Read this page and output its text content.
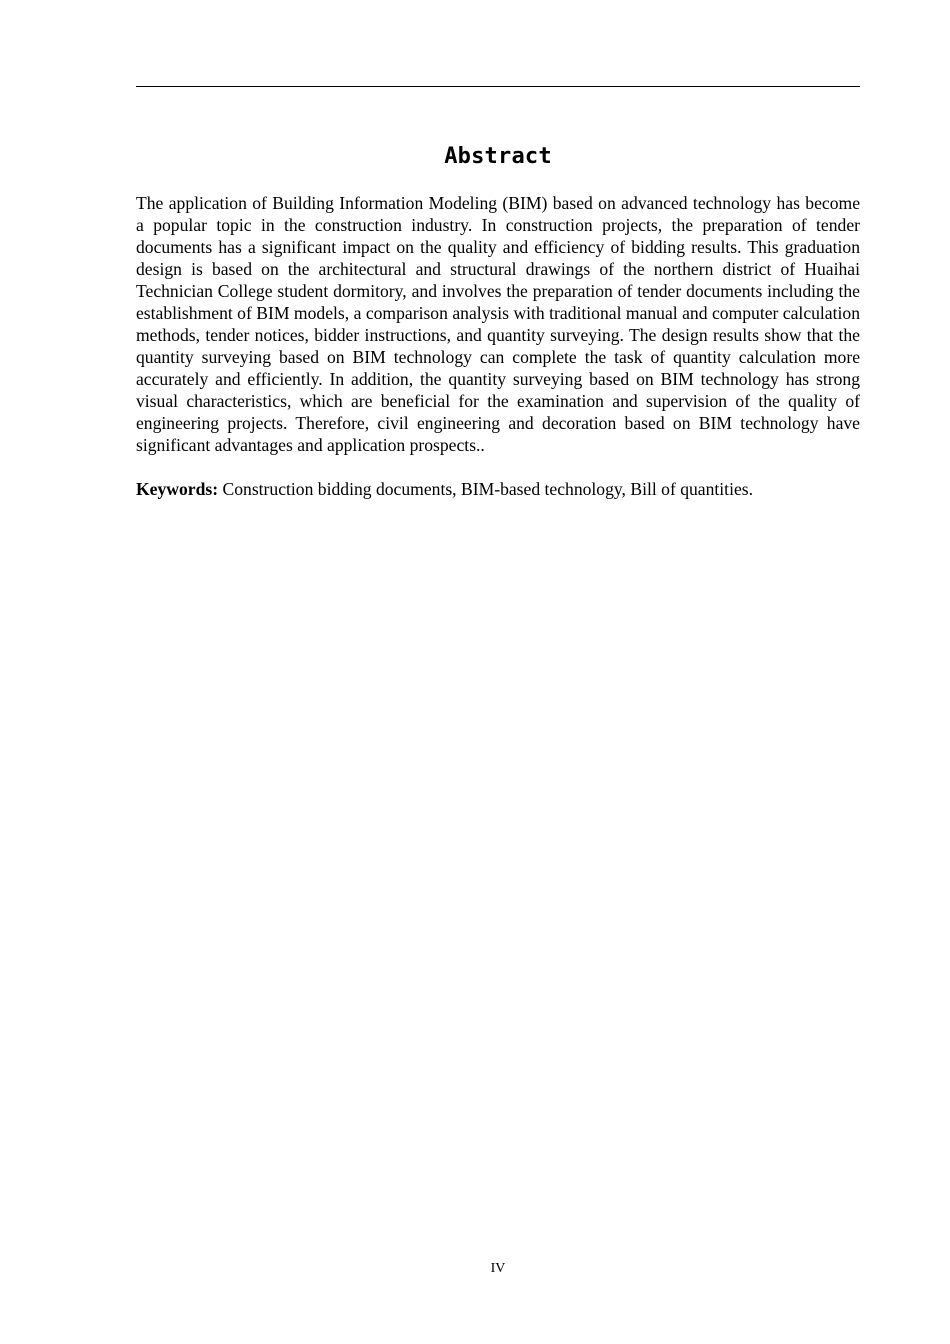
Abstract

The application of Building Information Modeling (BIM) based on advanced technology has become a popular topic in the construction industry. In construction projects, the preparation of tender documents has a significant impact on the quality and efficiency of bidding results. This graduation design is based on the architectural and structural drawings of the northern district of Huaihai Technician College student dormitory, and involves the preparation of tender documents including the establishment of BIM models, a comparison analysis with traditional manual and computer calculation methods, tender notices, bidder instructions, and quantity surveying. The design results show that the quantity surveying based on BIM technology can complete the task of quantity calculation more accurately and efficiently. In addition, the quantity surveying based on BIM technology has strong visual characteristics, which are beneficial for the examination and supervision of the quality of engineering projects. Therefore, civil engineering and decoration based on BIM technology have significant advantages and application prospects..

Keywords: Construction bidding documents, BIM-based technology, Bill of quantities.

IV
